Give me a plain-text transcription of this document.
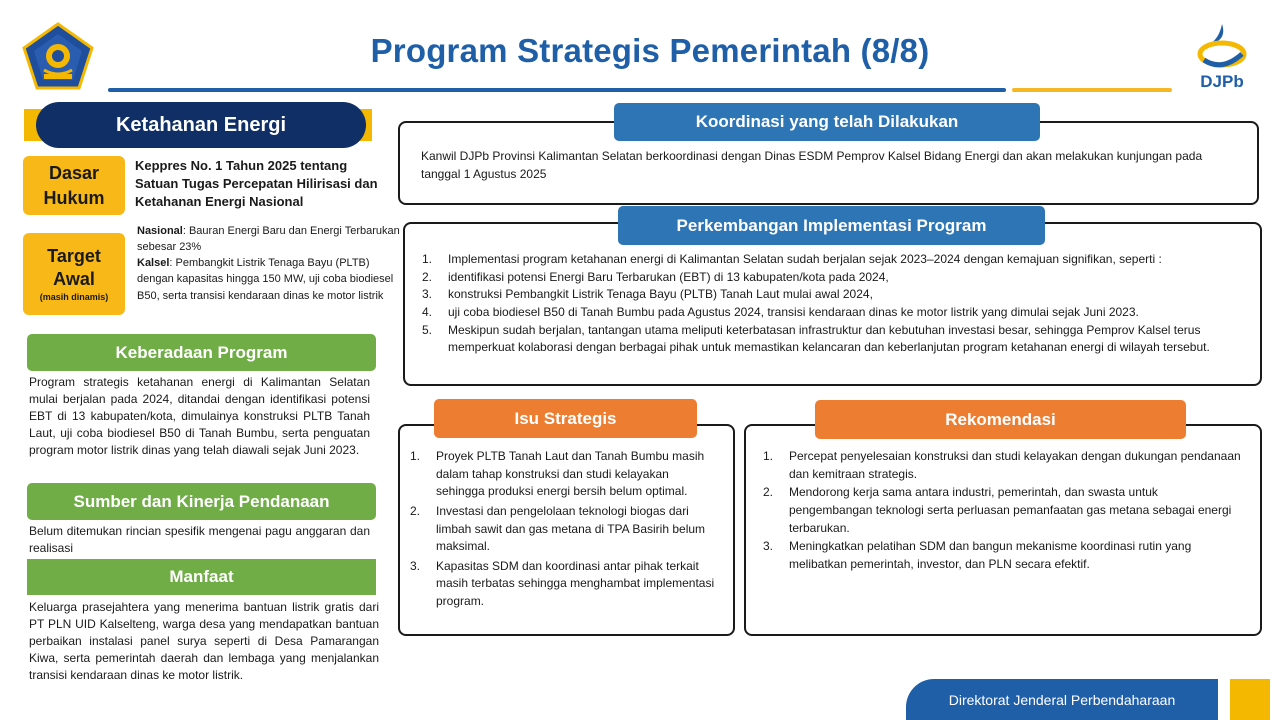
Program Strategis Pemerintah (8/8)
DJPb
Ketahanan Energi
Dasar
Hukum
Keppres No. 1 Tahun 2025 tentang Satuan Tugas Percepatan Hilirisasi dan Ketahanan Energi Nasional
Target
Awal
(masih dinamis)
Nasional: Bauran Energi Baru dan Energi Terbarukan sebesar 23%
Kalsel: Pembangkit Listrik Tenaga Bayu (PLTB) dengan kapasitas hingga 150 MW, uji coba biodiesel B50, serta transisi kendaraan dinas ke motor listrik
Keberadaan Program
Program strategis ketahanan energi di Kalimantan Selatan mulai berjalan pada 2024, ditandai dengan identifikasi potensi EBT di 13 kabupaten/kota, dimulainya konstruksi PLTB Tanah Laut, uji coba biodiesel B50 di Tanah Bumbu, serta penguatan program motor listrik dinas yang telah diawali sejak Juni 2023.
Sumber dan Kinerja Pendanaan
Belum ditemukan rincian spesifik mengenai pagu anggaran dan realisasi
Manfaat
Keluarga prasejahtera yang menerima bantuan listrik gratis dari PT PLN UID Kalselteng, warga desa yang mendapatkan bantuan perbaikan instalasi panel surya seperti di Desa Pamarangan Kiwa, serta pemerintah daerah dan lembaga yang menjalankan transisi kendaraan dinas ke motor listrik.
Koordinasi yang telah Dilakukan
Kanwil DJPb Provinsi Kalimantan Selatan berkoordinasi dengan Dinas ESDM Pemprov Kalsel Bidang Energi dan akan melakukan kunjungan pada tanggal 1 Agustus 2025
Perkembangan Implementasi Program
1. Implementasi program ketahanan energi di Kalimantan Selatan sudah berjalan sejak 2023–2024 dengan kemajuan signifikan, seperti :
2. identifikasi potensi Energi Baru Terbarukan (EBT) di 13 kabupaten/kota pada 2024,
3. konstruksi Pembangkit Listrik Tenaga Bayu (PLTB) Tanah Laut mulai awal 2024,
4. uji coba biodiesel B50 di Tanah Bumbu pada Agustus 2024, transisi kendaraan dinas ke motor listrik yang dimulai sejak Juni 2023.
5. Meskipun sudah berjalan, tantangan utama meliputi keterbatasan infrastruktur dan kebutuhan investasi besar, sehingga Pemprov Kalsel terus memperkuat kolaborasi dengan berbagai pihak untuk memastikan kelancaran dan keberlanjutan program ketahanan energi di wilayah tersebut.
Isu Strategis
1. Proyek PLTB Tanah Laut dan Tanah Bumbu masih dalam tahap konstruksi dan studi kelayakan sehingga produksi energi bersih belum optimal.
2. Investasi dan pengelolaan teknologi biogas dari limbah sawit dan gas metana di TPA Basirih belum maksimal.
3. Kapasitas SDM dan koordinasi antar pihak terkait masih terbatas sehingga menghambat implementasi program.
Rekomendasi
1. Percepat penyelesaian konstruksi dan studi kelayakan dengan dukungan pendanaan dan kemitraan strategis.
2. Mendorong kerja sama antara industri, pemerintah, dan swasta untuk pengembangan teknologi serta perluasan pemanfaatan gas metana sebagai energi terbarukan.
3. Meningkatkan pelatihan SDM dan bangun mekanisme koordinasi rutin yang melibatkan pemerintah, investor, dan PLN secara efektif.
Direktorat Jenderal Perbendaharaan
